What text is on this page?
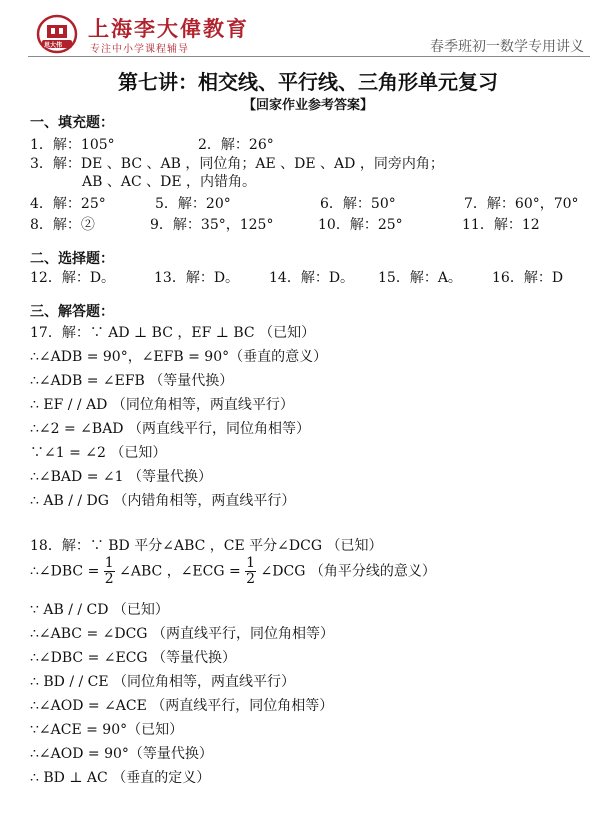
思大伟
上海李大偉教育
专注中小学课程辅导	春季班初一数学专用讲义
第七讲：相交线、平行线、三角形单元复习
【回家作业参考答案】
一、填充题：
1．解：105°	2．解：26°
3．解：DE 、BC 、AB ，同位角；AE 、DE 、AD ，同旁内角；
AB 、AC 、DE ，内错角。
4．解：25°	5．解：20°	6．解：50°	7．解：60°，70°
8．解：②	9．解：35°，125°	10．解：25°	11．解：12
二、选择题：
12．解：D。	13．解：D。 14．解：D。 15．解：A。 16．解：D
三、解答题：
17．解：∵ AD ⊥ BC ，EF ⊥ BC （已知）
∴∠ADB = 90°，∠EFB = 90°（垂直的意义）
∴∠ADB = ∠EFB （等量代换）
∴ EF / / AD （同位角相等，两直线平行）
∴∠2 = ∠BAD （两直线平行，同位角相等）
∵∠1 = ∠2 （已知）
∴∠BAD = ∠1 （等量代换）
∴ AB / / DG （内错角相等，两直线平行）
18．解：∵ BD 平分∠ABC ，CE 平分∠DCG （已知）
∴∠DBC = $\frac{1}{2}$ ∠ABC ，∠ECG = $\frac{1}{2}$ ∠DCG （角平分线的意义）
∵ AB / / CD （已知）
∴∠ABC = ∠DCG （两直线平行，同位角相等）
∴∠DBC = ∠ECG （等量代换）
∴ BD / / CE （同位角相等，两直线平行）
∴∠AOD = ∠ACE （两直线平行，同位角相等）
∵∠ACE = 90°（已知）
∴∠AOD = 90°（等量代换）
∴ BD ⊥ AC （垂直的定义）
